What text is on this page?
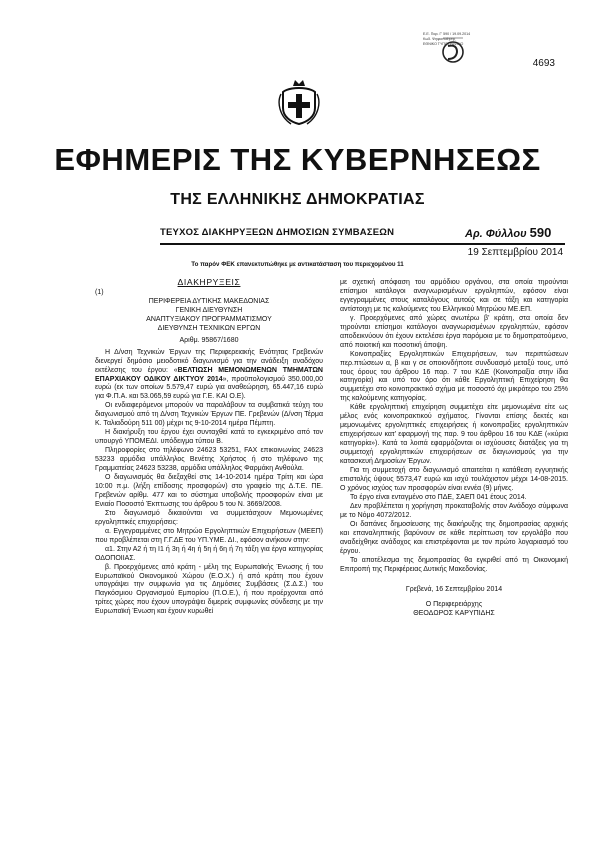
Ε.Ε. Παρ. Γ' 590 / 19.09.2014
Κωδ. Ψηφιοποίησης
ΕΘΝΙΚΟ ΤΥΠΟΓΡΑΦΕΙΟ
4693
ΕΦΗΜΕΡΙΣ ΤΗΣ ΚΥΒΕΡΝΗΣΕΩΣ
ΤΗΣ ΕΛΛΗΝΙΚΗΣ ΔΗΜΟΚΡΑΤΙΑΣ
ΤΕΥΧΟΣ ΔΙΑΚΗΡΥΞΕΩΝ ΔΗΜΟΣΙΩΝ ΣΥΜΒΑΣΕΩΝ	Αρ. Φύλλου 590
19 Σεπτεμβρίου 2014
Το παρόν ΦΕΚ επανεκτυπώθηκε με αντικατάσταση του περιεχομένου 11
ΔΙΑΚΗΡΥΞΕΙΣ

(1)

ΠΕΡΙΦΕΡΕΙΑ ΔΥΤΙΚΗΣ ΜΑΚΕΔΟΝΙΑΣ

ΓΕΝΙΚΗ ΔΙΕΥΘΥΝΣΗ

ΑΝΑΠΤΥΞΙΑΚΟΥ ΠΡΟΓΡΑΜΜΑΤΙΣΜΟΥ

ΔΙΕΥΘΥΝΣΗ ΤΕΧΝΙΚΩΝ ΕΡΓΩΝ

Αριθμ. 95867/1680

Η Δ/νση Τεχνικών Έργων της Περιφερειακής Ενότητας Γρεβενών διενεργεί δημόσιο μειοδοτικό διαγωνισμό για την ανάδειξη αναδόχου εκτέλεσης του έργου: «ΒΕΛΤΙΩΣΗ ΜΕΜΟΝΩΜΕΝΩΝ ΤΜΗΜΑΤΩΝ ΕΠΑΡΧΙΑΚΟΥ ΟΔΙΚΟΥ ΔΙΚΤΥΟΥ 2014», προϋπολογισμού 350.000,00 ευρώ (εκ των οποίων 5.579,47 ευρώ για αναθεώρηση, 65.447,16 ευρώ για Φ.Π.Α. και 53.065,59 ευρώ για Γ.Ε. ΚΑΙ Ο.Ε).

Οι ενδιαφερόμενοι μπορούν να παραλάβουν τα συμβατικά τεύχη του διαγωνισμού από τη Δ/νση Τεχνικών Έργων ΠΕ. Γρεβενών (Δ/νση Τέρμα Κ. Ταλιαδούρη 511 00) μέχρι τις 9-10-2014 ημέρα Πέμπτη.

Η διακήρυξη του έργου έχει συνταχθεί κατά το εγκεκριμένο από τον υπουργό ΥΠΟΜΕΔΙ. υπόδειγμα τύπου Β.

Πληροφορίες στο τηλέφωνο 24623 53251, FAX επικοινωνίας 24623 53233 αρμόδια υπάλληλος Βενέτης Χρήστος ή στο τηλέφωνο της Γραμματείας 24623 53238, αρμόδια υπάλληλος Φαρμάκη Ανθούλα.

Ο διαγωνισμός θα διεξαχθεί στις 14-10-2014 ημέρα Τρίτη και ώρα 10:00 π.μ. (λήξη επίδοσης προσφορών) στο γραφείο της Δ.Τ.Ε. ΠΕ. Γρεβενών αρίθμ. 477 και το σύστημα υποβολής προσφορών είναι με Ενιαίο Ποσοστό Έκπτωσης του άρθρου 5 του Ν. 3669/2008.

Στο διαγωνισμό δικαιούνται να συμμετάσχουν Μεμονωμένες εργοληπτικές επιχειρήσεις:

α. Εγγεγραμμένες στο Μητρώο Εργοληπτικών Επιχειρήσεων (ΜΕΕΠ) που προβλέπεται στη Γ.Γ.ΔΕ του ΥΠ.ΥΜΕ. ΔΙ., εφόσον ανήκουν στην:

α1. Στην Α2 ή τη Ι1 ή 3η ή 4η ή 5η ή 6η ή 7η τάξη για έργα κατηγορίας ΟΔΟΠΟΙΙΑΣ.

β. Προερχόμενες από κράτη - μέλη της Ευρωπαϊκής Ένωσης ή του Ευρωπαϊκού Οικονομικού Χώρου (Ε.Ο.Χ.) ή από κράτη που έχουν υπογράψει την συμφωνία για τις Δημόσιες Συμβάσεις (Σ.Δ.Σ.) του Παγκόσμιου Οργανισμού Εμπορίου (Π.Ο.Ε.), ή που προέρχονται από τρίτες χώρες που έχουν υπογράψει διμερείς συμφωνίες σύνδεσης με την Ευρωπαϊκή Ένωση και έχουν κυρωθεί

με σχετική απόφαση του αρμόδιου οργάνου, στα οποία τηρούνται επίσημοι κατάλογοι αναγνωρισμένων εργοληπτών, εφόσον είναι εγγεγραμμένες στους καταλόγους αυτούς και σε τάξη και κατηγορία αντίστοιχη με τις καλούμενες του Ελληνικού Μητρώου ΜΕ.ΕΠ.

γ. Προερχόμενες από χώρες ανωτέρω β' κράτη, στα οποία δεν τηρούνται επίσημοι κατάλογοι αναγνωρισμένων εργοληπτών, εφόσον αποδεικνύουν ότι έχουν εκτελέσει έργα παρόμοια με το δημοπρατούμενο, από ποιοτική και ποσοτική άποψη.

Κοινοπραξίες Εργοληπτικών Επιχειρήσεων, των περιπτώσεων περ.πτώσεων α, β και γ σε οποιονδήποτε συνδυασμό μεταξύ τους, υπό τους όρους του άρθρου 16 παρ. 7 του ΚΔΕ (Κοινοπραξία στην ίδια κατηγορία) και υπό τον όρο ότι κάθε Εργοληπτική Επιχείρηση θα συμμετέχει στο κοινοπρακτικό σχήμα με ποσοστό όχι μικρότερο του 25% της καλούμενης κατηγορίας.

Κάθε εργοληπτική επιχείρηση συμμετέχει είτε μεμονωμένα είτε ως μέλος ενός κοινοπρακτικού σχήματος. Γίνονται επίσης δεκτές και μεμονωμένες εργοληπτικές επιχειρήσεις ή κοινοπραξίες εργοληπτικών επιχειρήσεων κατ' εφαρμογή της παρ. 9 του άρθρου 16 του ΚΔΕ («κύρια κατηγορία»). Κατά τα λοιπά εφαρμόζονται οι ισχύουσες διατάξεις για τη συμμετοχή εργοληπτικών επιχειρήσεων σε διαγωνισμούς για την κατασκευή Δημοσίων Έργων.

Για τη συμμετοχή στο διαγωνισμό απαιτείται η κατάθεση εγγυητικής επιστολής ύψους 5573,47 ευρώ και ισχύ τουλάχιστον μέχρι 14-08-2015. Ο χρόνος ισχύος των προσφορών είναι εννέα (9) μήνες.

Το έργο είναι ενταγμένο στο ΠΔΕ, ΣΑΕΠ 041 έτους 2014.

Δεν προβλέπεται η χορήγηση προκαταβολής στον Ανάδοχο σύμφωνα με το Νόμο 4072/2012.

Οι δαπάνες δημοσίευσης της διακήρυξης της δημοπρασίας αρχικής και επαναληπτικής βαρύνουν σε κάθε περίπτωση τον εργολάβο που αναδείχθηκε ανάδοχος και επιστρέφονται με τον πρώτο λογαριασμό του έργου.

Το αποτέλεσμα της δημοπρασίας θα εγκριθεί από τη Οικονομική Επιτροπή της Περιφέρειας Δυτικής Μακεδονίας.

Γρεβενά, 16 Σεπτεμβρίου 2014

Ο Περιφερειάρχης

ΘΕΟΔΩΡΟΣ ΚΑΡΥΠΙΔΗΣ
